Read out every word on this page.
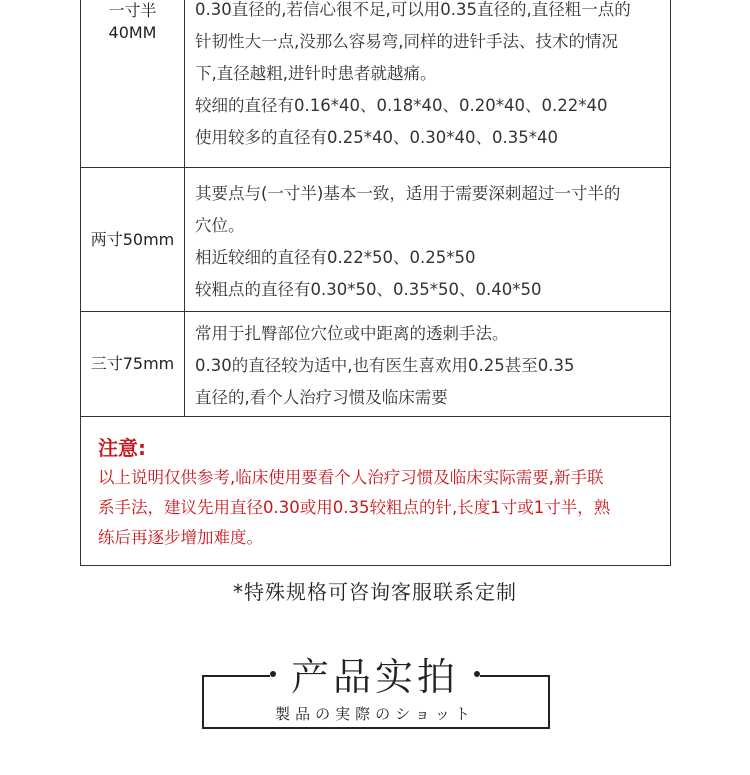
一寸半
40MM
0.30直径的,若信心很不足,可以用0.35直径的,直径粗一点的
针韧性大一点,没那么容易弯,同样的进针手法、技术的情况
下,直径越粗,进针时患者就越痛。
较细的直径有0.16*40、0.18*40、0.20*40、0.22*40
使用较多的直径有0.25*40、0.30*40、0.35*40
两寸50mm
其要点与(一寸半)基本一致，适用于需要深刺超过一寸半的
穴位。
相近较细的直径有0.22*50、0.25*50
较粗点的直径有0.30*50、0.35*50、0.40*50
三寸75mm
常用于扎臀部位穴位或中距离的透刺手法。
0.30的直径较为适中,也有医生喜欢用0.25甚至0.35
直径的,看个人治疗习惯及临床需要
注意:
以上说明仅供参考,临床使用要看个人治疗习惯及临床实际需要,新手联
系手法，建议先用直径0.30或用0.35较粗点的针,长度1寸或1寸半，熟
练后再逐步增加难度。
*特殊规格可咨询客服联系定制
产品实拍
製品の実際のショット
